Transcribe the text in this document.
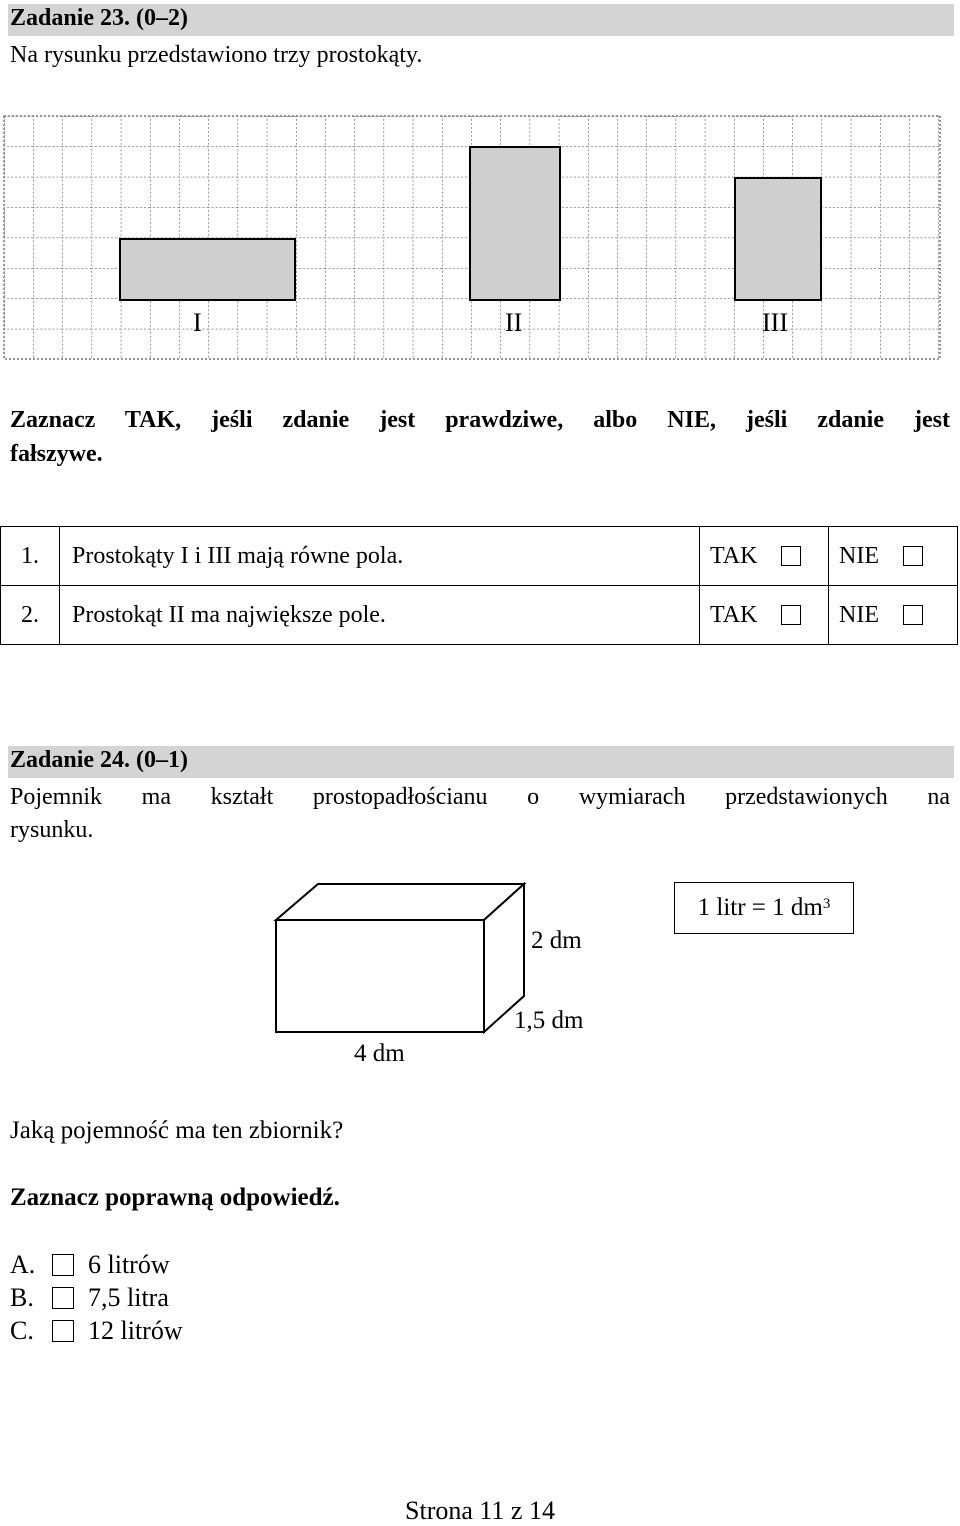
Zadanie 23. (0–2)
Na rysunku przedstawiono trzy prostokąty.
I	II	III
Zaznacz TAK, jeśli zdanie jest prawdziwe, albo NIE, jeśli zdanie jest
fałszywe.
1.	Prostokąty I i III mają równe pola.	TAK	NIE

2.	Prostokąt II ma największe pole.	TAK	NIE
Zadanie 24. (0–1)
Pojemnik ma kształt prostopadłościanu o wymiarach przedstawionych na
rysunku.
2 dm
1,5 dm
4 dm
1 litr = 1 $dm^3$
Jaką pojemność ma ten zbiornik?
Zaznacz poprawną odpowiedź.
A.	6 litrów
B.	7,5 litra
C.	12 litrów
Strona 11 z 14
